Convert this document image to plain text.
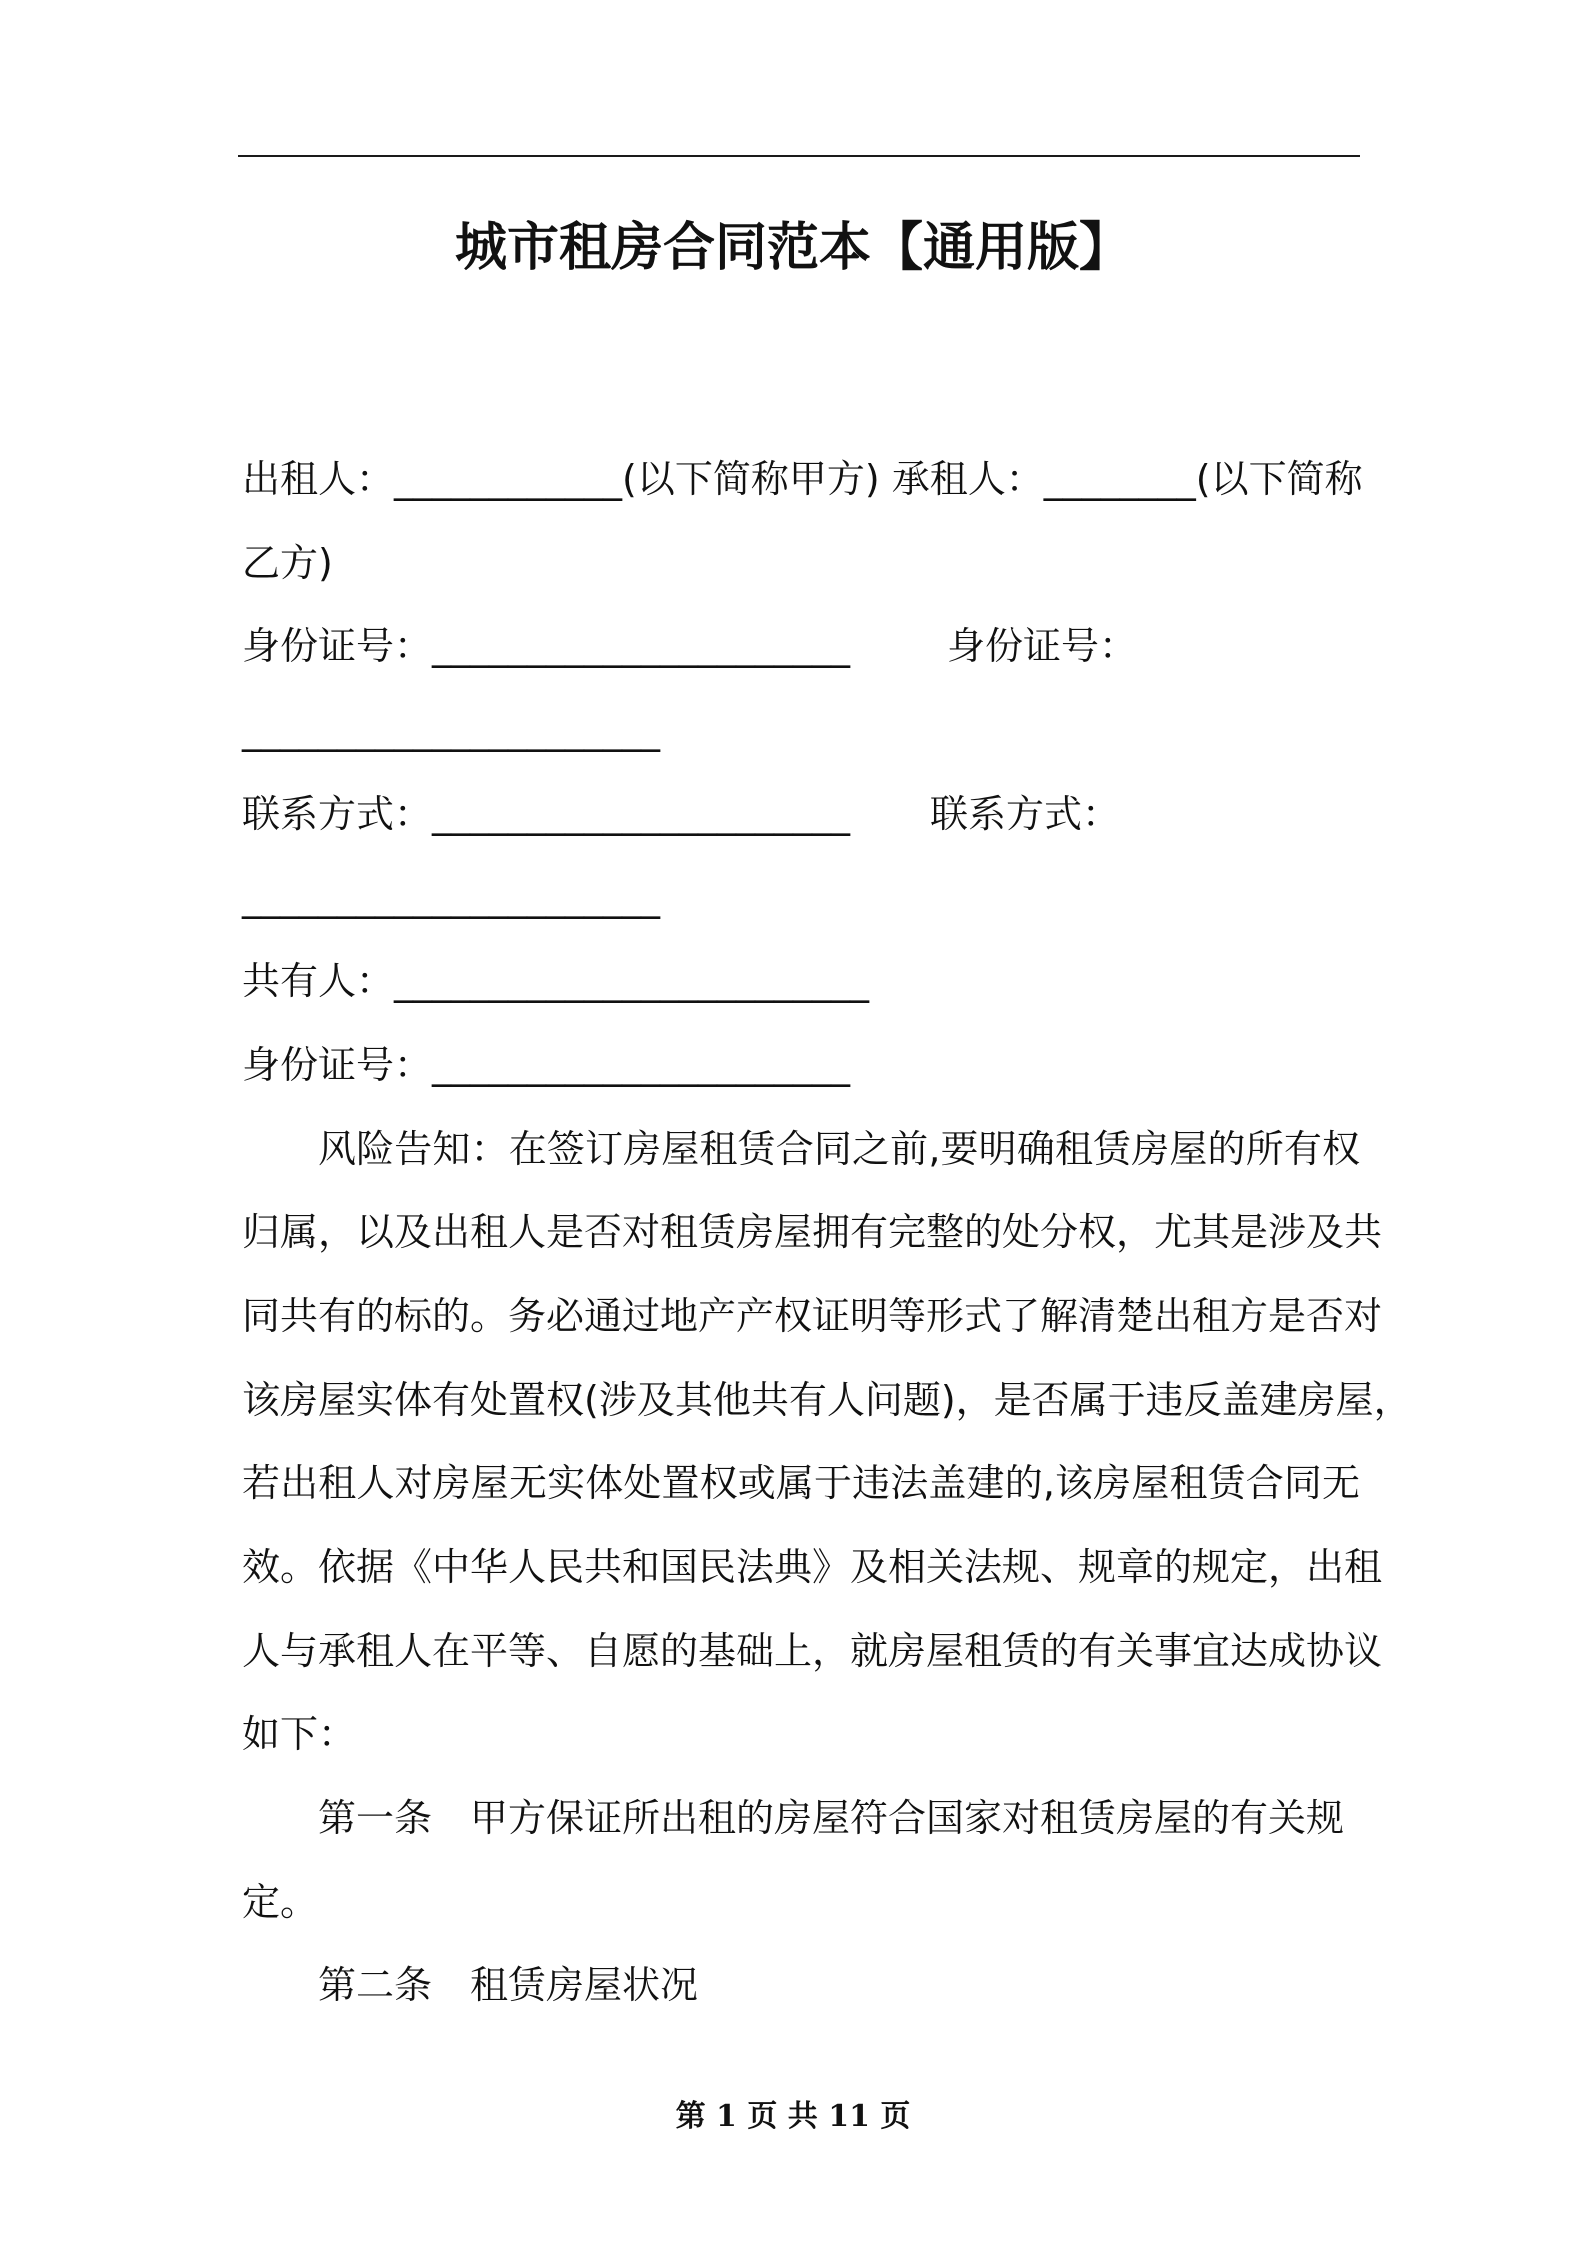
城市租房合同范本【通用版】
出租人：____________(以下简称甲方) 承租人：________(以下简称
乙方)
身份证号：______________________	身份证号：
______________________
联系方式：______________________ 联系方式：
______________________
共有人：_________________________
身份证号：______________________
风险告知：在签订房屋租赁合同之前,要明确租赁房屋的所有权
归属，以及出租人是否对租赁房屋拥有完整的处分权，尤其是涉及共
同共有的标的。务必通过地产产权证明等形式了解清楚出租方是否对
该房屋实体有处置权(涉及其他共有人问题)，是否属于违反盖建房屋，
若出租人对房屋无实体处置权或属于违法盖建的,该房屋租赁合同无
效。依据《中华人民共和国民法典》及相关法规、规章的规定，出租
人与承租人在平等、自愿的基础上，就房屋租赁的有关事宜达成协议
如下：
第一条 甲方保证所出租的房屋符合国家对租赁房屋的有关规
定。
第二条 租赁房屋状况
第 1 页 共 11 页
